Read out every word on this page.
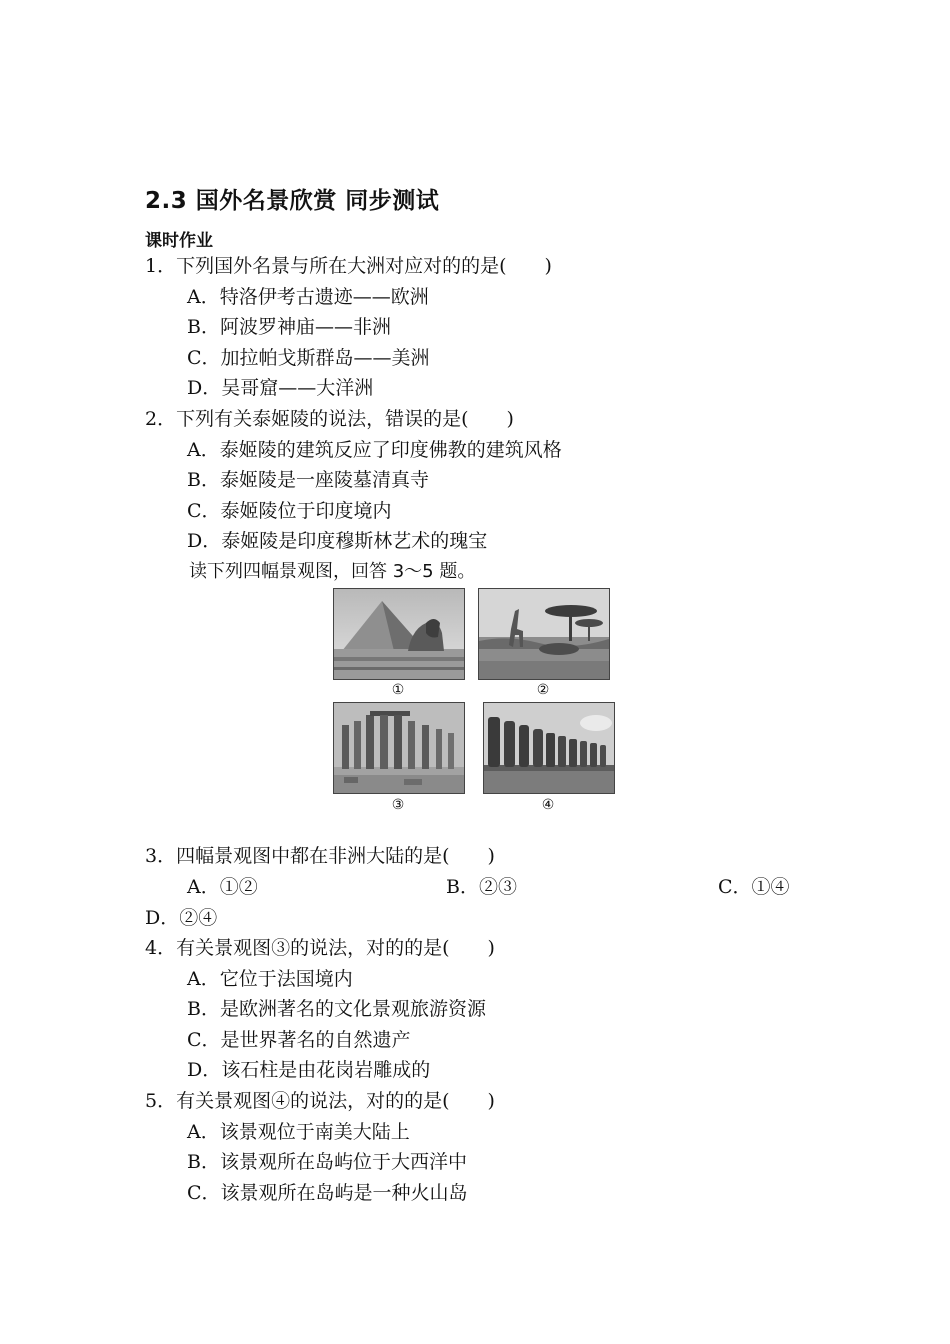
2.3 国外名景欣赏 同步测试
课时作业
1．下列国外名景与所在大洲对应对的的是(　　)
A．特洛伊考古遗迹——欧洲
B．阿波罗神庙——非洲
C．加拉帕戈斯群岛——美洲
D．吴哥窟——大洋洲
2．下列有关泰姬陵的说法，错误的是(　　)
A．泰姬陵的建筑反应了印度佛教的建筑风格
B．泰姬陵是一座陵墓清真寺
C．泰姬陵位于印度境内
D．泰姬陵是印度穆斯林艺术的瑰宝
读下列四幅景观图，回答 3～5 题。
①	②
③	④
3．四幅景观图中都在非洲大陆的是(　　)
A．①②	B．②③	C．①④
D．②④
4．有关景观图③的说法，对的的是(　　)
A．它位于法国境内
B．是欧洲著名的文化景观旅游资源
C．是世界著名的自然遗产
D．该石柱是由花岗岩雕成的
5．有关景观图④的说法，对的的是(　　)
A．该景观位于南美大陆上
B．该景观所在岛屿位于大西洋中
C．该景观所在岛屿是一种火山岛
